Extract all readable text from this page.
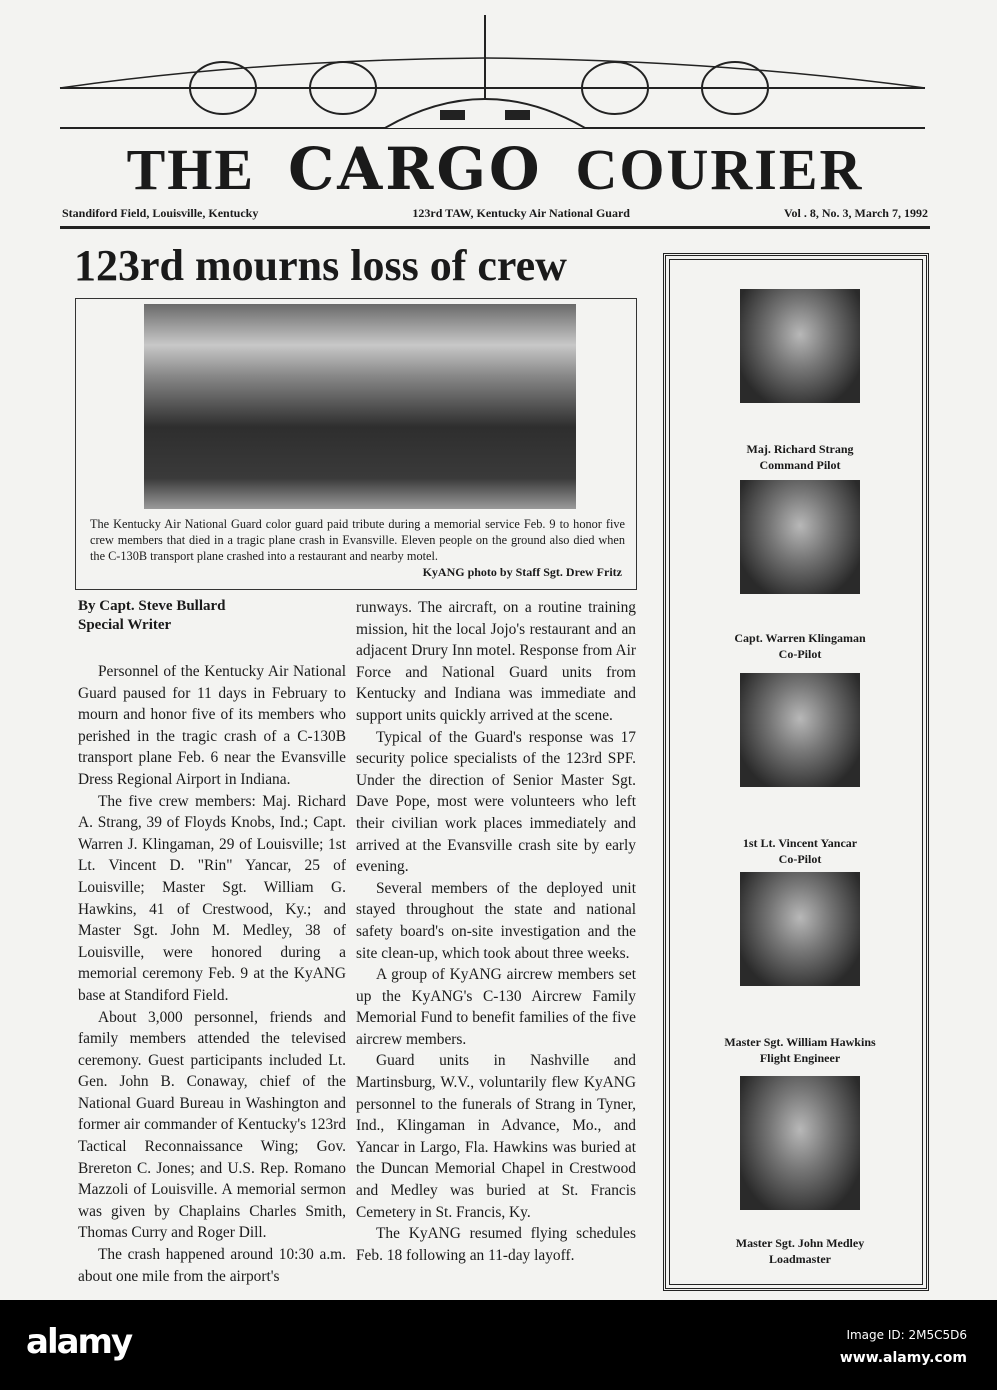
THE CARGO COURIER
Standiford Field, Louisville, Kentucky	123rd TAW, Kentucky Air National Guard	Vol . 8, No. 3, March 7, 1992
123rd mourns loss of crew
The Kentucky Air National Guard color guard paid tribute during a memorial service Feb. 9 to honor five crew members that died in a tragic plane crash in Evansville. Eleven people on the ground also died when the C-130B transport plane crashed into a restaurant and nearby motel.
KyANG photo by Staff Sgt. Drew Fritz
By Capt. Steve Bullard
Special Writer

Personnel of the Kentucky Air National Guard paused for 11 days in February to mourn and honor five of its members who perished in the tragic crash of a C-130B transport plane Feb. 6 near the Evansville Dress Regional Airport in Indiana.

The five crew members: Maj. Richard A. Strang, 39 of Floyds Knobs, Ind.; Capt. Warren J. Klingaman, 29 of Louisville; 1st Lt. Vincent D. "Rin" Yancar, 25 of Louisville; Master Sgt. William G. Hawkins, 41 of Crestwood, Ky.; and Master Sgt. John M. Medley, 38 of Louisville, were honored during a memorial ceremony Feb. 9 at the KyANG base at Standiford Field.

About 3,000 personnel, friends and family members attended the televised ceremony. Guest participants included Lt. Gen. John B. Conaway, chief of the National Guard Bureau in Washington and former air commander of Kentucky's 123rd Tactical Reconnaissance Wing; Gov. Brereton C. Jones; and U.S. Rep. Romano Mazzoli of Louisville. A memorial sermon was given by Chaplains Charles Smith, Thomas Curry and Roger Dill.

The crash happened around 10:30 a.m. about one mile from the airport's

runways. The aircraft, on a routine training mission, hit the local Jojo's restaurant and an adjacent Drury Inn motel. Response from Air Force and National Guard units from Kentucky and Indiana was immediate and support units quickly arrived at the scene.

Typical of the Guard's response was 17 security police specialists of the 123rd SPF. Under the direction of Senior Master Sgt. Dave Pope, most were volunteers who left their civilian work places immediately and arrived at the Evansville crash site by early evening.

Several members of the deployed unit stayed throughout the state and national safety board's on-site investigation and the site clean-up, which took about three weeks.

A group of KyANG aircrew members set up the KyANG's C-130 Aircrew Family Memorial Fund to benefit families of the five aircrew members.

Guard units in Nashville and Martinsburg, W.V., voluntarily flew KyANG personnel to the funerals of Strang in Tyner, Ind., Klingaman in Advance, Mo., and Yancar in Largo, Fla. Hawkins was buried at the Duncan Memorial Chapel in Crestwood and Medley was buried at St. Francis Cemetery in St. Francis, Ky.

The KyANG resumed flying schedules Feb. 18 following an 11-day layoff.

Maj. Richard Strang
Command Pilot
Capt. Warren Klingaman
Co-Pilot
1st Lt. Vincent Yancar
Co-Pilot
Master Sgt. William Hawkins
Flight Engineer
Master Sgt. John Medley
Loadmaster
alamy	Image ID: 2M5C5D6
www.alamy.com
